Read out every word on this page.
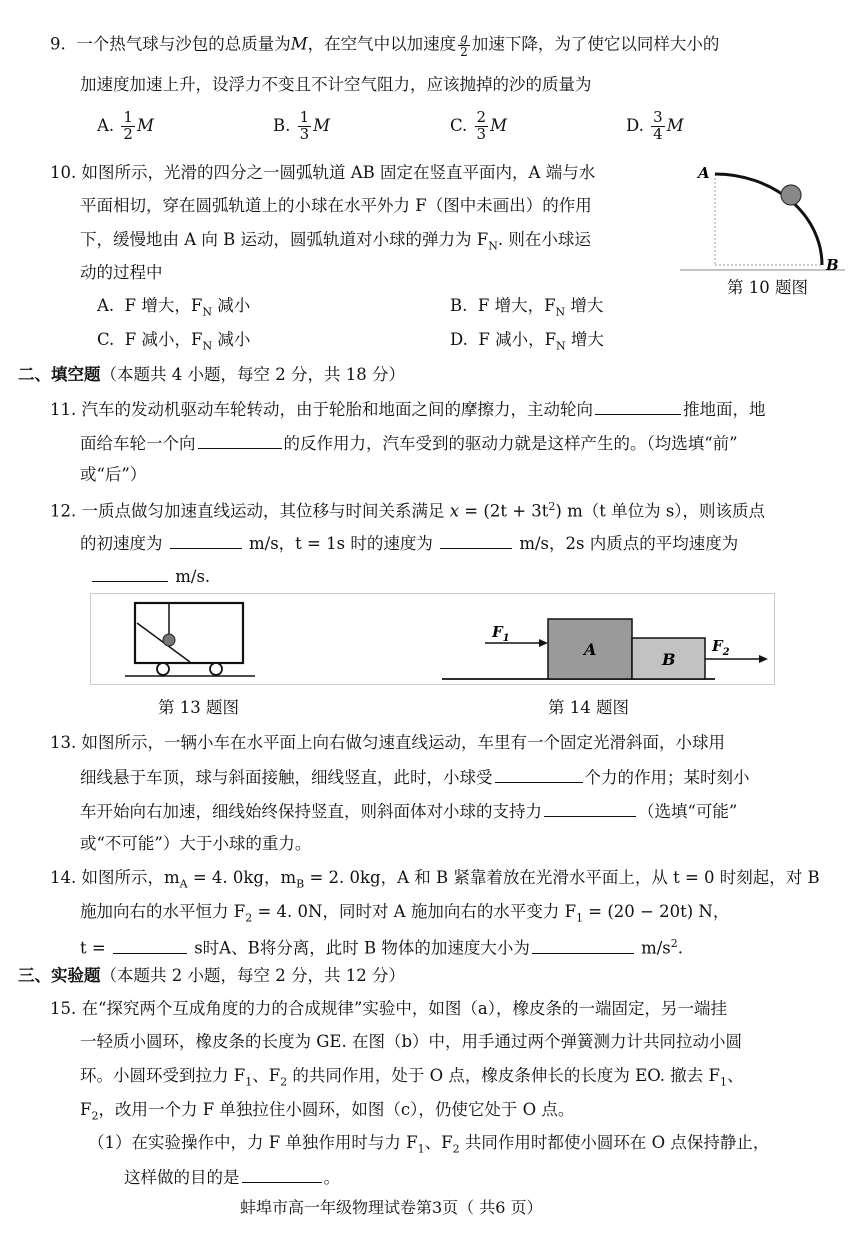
9. 一个热气球与沙包的总质量为M，在空气中以加速度 $\frac{g}{2}$ 加速下降，为了使它以同样大小的
加速度加速上升，设浮力不变且不计空气阻力，应该抛掉的沙的质量为
A. $\frac{1}{2}$ M	B. $\frac{1}{3}$ M	C. $\frac{2}{3}$ M	D. $\frac{3}{4}$ M
10. 如图所示，光滑的四分之一圆弧轨道 AB 固定在竖直平面内，A 端与水
平面相切，穿在圆弧轨道上的小球在水平外力 F（图中未画出）的作用
下，缓慢地由 A 向 B 运动，圆弧轨道对小球的弹力为 $F_N$. 则在小球运
动的过程中
A. F 增大，$F_N$ 减小	B. F 增大，$F_N$ 增大
C. F 减小，$F_N$ 减小	D. F 减小，$F_N$ 增大
A
B
第 10 题图
二、填空题（本题共 4 小题，每空 2 分，共 18 分）
11. 汽车的发动机驱动车轮转动，由于轮胎和地面之间的摩擦力，主动轮向	推地面，地
面给车轮一个向	的反作用力，汽车受到的驱动力就是这样产生的。（均选填“前”
或“后”）
12. 一质点做匀加速直线运动，其位移与时间关系满足 $x = (2t + 3t^2)$ m（t 单位为 s），则该质点
的初速度为	m/s，t = 1s 时的速度为	m/s，2s 内质点的平均速度为
m/s.
$F_1$	$F_2$
A
B
第 13 题图	第 14 题图
13. 如图所示，一辆小车在水平面上向右做匀速直线运动，车里有一个固定光滑斜面，小球用
细线悬于车顶，球与斜面接触，细线竖直，此时，小球受	个力的作用；某时刻小
车开始向右加速，细线始终保持竖直，则斜面体对小球的支持力	（选填“可能”
或“不可能”）大于小球的重力。
14. 如图所示，$m_A = 4$. 0kg，$m_B = 2$. 0kg，A 和 B 紧靠着放在光滑水平面上，从 t = 0 时刻起，对 B
施加向右的水平恒力 $F_2 = 4$. 0N，同时对 A 施加向右的水平变力 $F_1 = (20 - 20t)$ N，
t =	s时A、B将分离，此时 B 物体的加速度大小为	$m/s^2$.
三、实验题（本题共 2 小题，每空 2 分，共 12 分）
15. 在“探究两个互成角度的力的合成规律”实验中，如图（a），橡皮条的一端固定，另一端挂
一轻质小圆环，橡皮条的长度为 GE. 在图（b）中，用手通过两个弹簧测力计共同拉动小圆
环。小圆环受到拉力 $F_1$、$F_2$ 的共同作用，处于 O 点，橡皮条伸长的长度为 EO. 撤去 $F_1$、
$F_2$，改用一个力 F 单独拉住小圆环，如图（c），仍使它处于 O 点。
（1）在实验操作中，力 F 单独作用时与力 $F_1$、$F_2$ 共同作用时都使小圆环在 O 点保持静止，
这样做的目的是	。
蚌埠市高一年级物理试卷第3页（ 共6 页）
